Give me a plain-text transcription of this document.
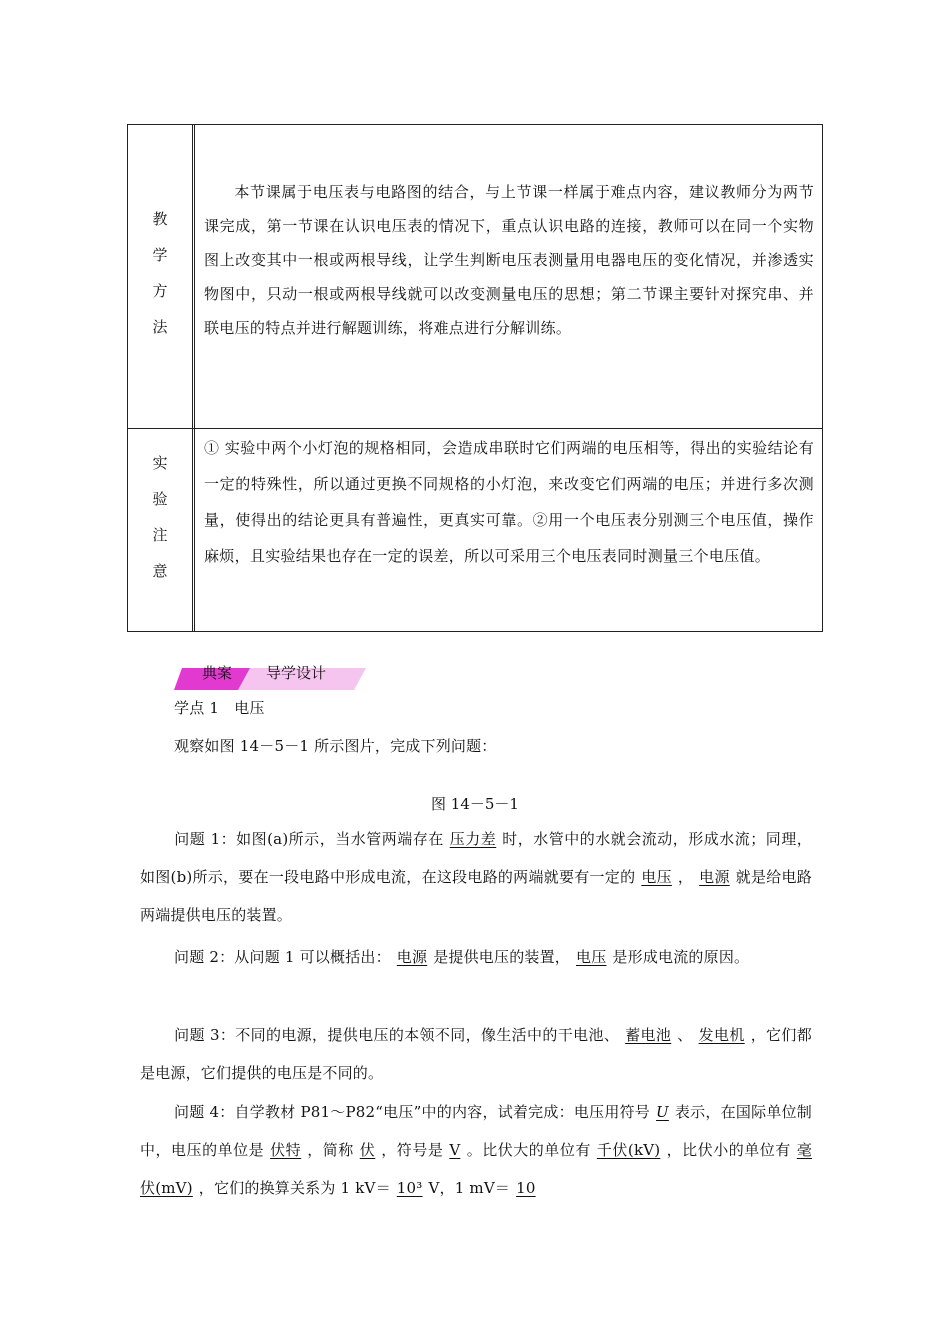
教
学
方
法
本节课属于电压表与电路图的结合，与上节课一样属于难点内容，建议教师分为两节课完成，第一节课在认识电压表的情况下，重点认识电路的连接，教师可以在同一个实物图上改变其中一根或两根导线，让学生判断电压表测量用电器电压的变化情况，并渗透实物图中，只动一根或两根导线就可以改变测量电压的思想；第二节课主要针对探究串、并联电压的特点并进行解题训练，将难点进行分解训练。
实
验
注
意
① 实验中两个小灯泡的规格相同，会造成串联时它们两端的电压相等，得出的实验结论有一定的特殊性，所以通过更换不同规格的小灯泡，来改变它们两端的电压；并进行多次测量，使得出的结论更具有普遍性，更真实可靠。②用一个电压表分别测三个电压值，操作麻烦，且实验结果也存在一定的误差，所以可采用三个电压表同时测量三个电压值。
典案 导学设计
学点 1　电压
观察如图 14－5－1 所示图片，完成下列问题：
图 14－5－1
问题 1：如图(a)所示，当水管两端存在 压力差 时，水管中的水就会流动，形成水流；同理，如图(b)所示，要在一段电路中形成电流，在这段电路的两端就要有一定的 电压 ， 电源 就是给电路两端提供电压的装置。
问题 2：从问题 1 可以概括出： 电源 是提供电压的装置， 电压 是形成电流的原因。
问题 3：不同的电源，提供电压的本领不同，像生活中的干电池、 蓄电池 、 发电机 ，它们都是电源，它们提供的电压是不同的。
问题 4：自学教材 P81～P82“电压”中的内容，试着完成：电压用符号 U 表示，在国际单位制中，电压的单位是 伏特 ，简称 伏 ，符号是 V 。比伏大的单位有 千伏(kV) ，比伏小的单位有 毫伏(mV) ，它们的换算关系为 1 kV＝ 10³ V，1 mV＝ 10
